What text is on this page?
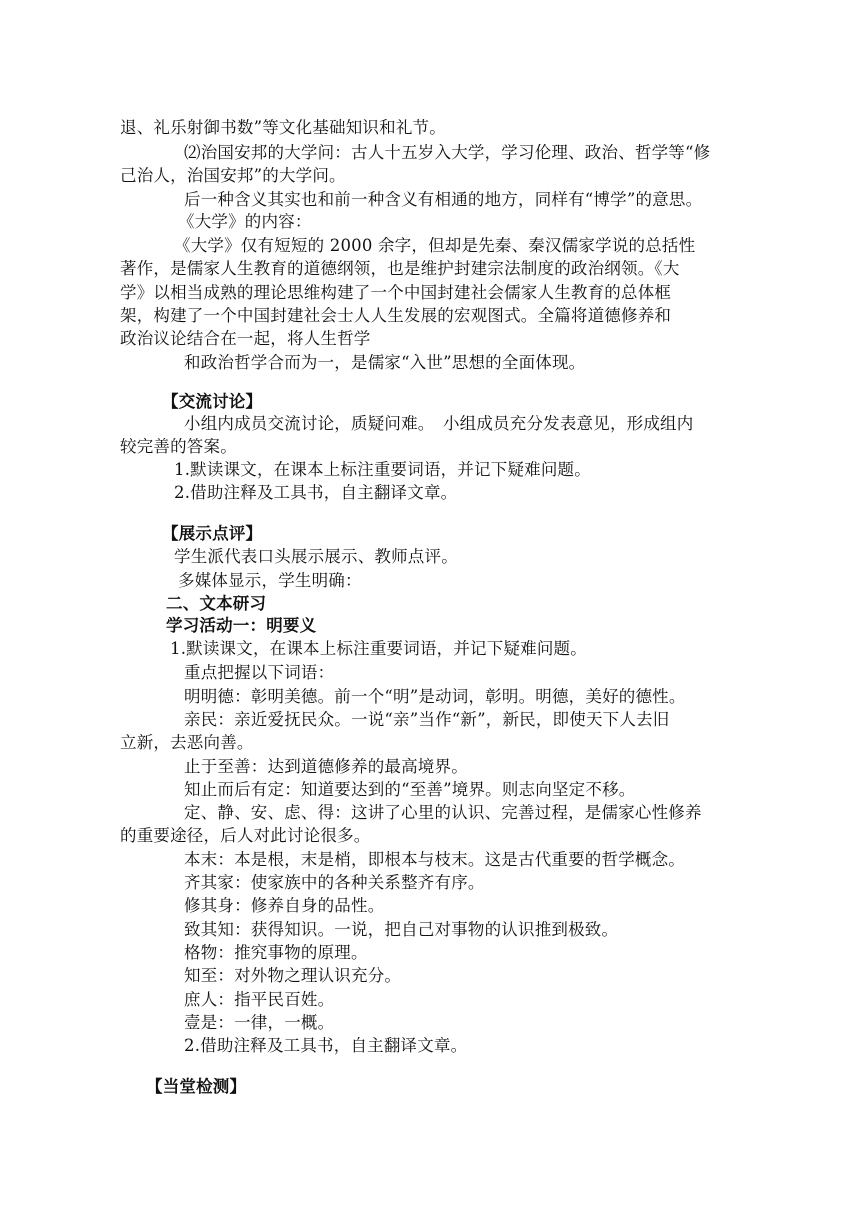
退、礼乐射御书数”等文化基础知识和礼节。
⑵治国安邦的大学问：古人十五岁入大学，学习伦理、政治、哲学等“修
己治人，治国安邦”的大学问。
后一种含义其实也和前一种含义有相通的地方，同样有“博学”的意思。
《大学》的内容：
《大学》仅有短短的 2000 余字，但却是先秦、秦汉儒家学说的总括性
著作，是儒家人生教育的道德纲领，也是维护封建宗法制度的政治纲领。《大
学》以相当成熟的理论思维构建了一个中国封建社会儒家人生教育的总体框
架，构建了一个中国封建社会士人人生发展的宏观图式。全篇将道德修养和
政治议论结合在一起，将人生哲学
和政治哲学合而为一，是儒家“入世”思想的全面体现。
【交流讨论】
小组内成员交流讨论，质疑问难。　小组成员充分发表意见，形成组内
较完善的答案。
1.默读课文，在课本上标注重要词语，并记下疑难问题。
2.借助注释及工具书，自主翻译文章。
【展示点评】
学生派代表口头展示展示、教师点评。
多媒体显示，学生明确：
二、文本研习
学习活动一：明要义
1.默读课文，在课本上标注重要词语，并记下疑难问题。
重点把握以下词语：
明明德：彰明美德。前一个“明”是动词，彰明。明德，美好的德性。
亲民：亲近爱抚民众。一说“亲”当作“新”，新民，即使天下人去旧
立新，去恶向善。
止于至善：达到道德修养的最高境界。
知止而后有定：知道要达到的“至善”境界。则志向坚定不移。
定、静、安、虑、得：这讲了心里的认识、完善过程，是儒家心性修养
的重要途径，后人对此讨论很多。
本末：本是根，末是梢，即根本与枝末。这是古代重要的哲学概念。
齐其家：使家族中的各种关系整齐有序。
修其身：修养自身的品性。
致其知：获得知识。一说，把自己对事物的认识推到极致。
格物：推究事物的原理。
知至：对外物之理认识充分。
庶人：指平民百姓。
壹是：一律，一概。
2.借助注释及工具书，自主翻译文章。
【当堂检测】
